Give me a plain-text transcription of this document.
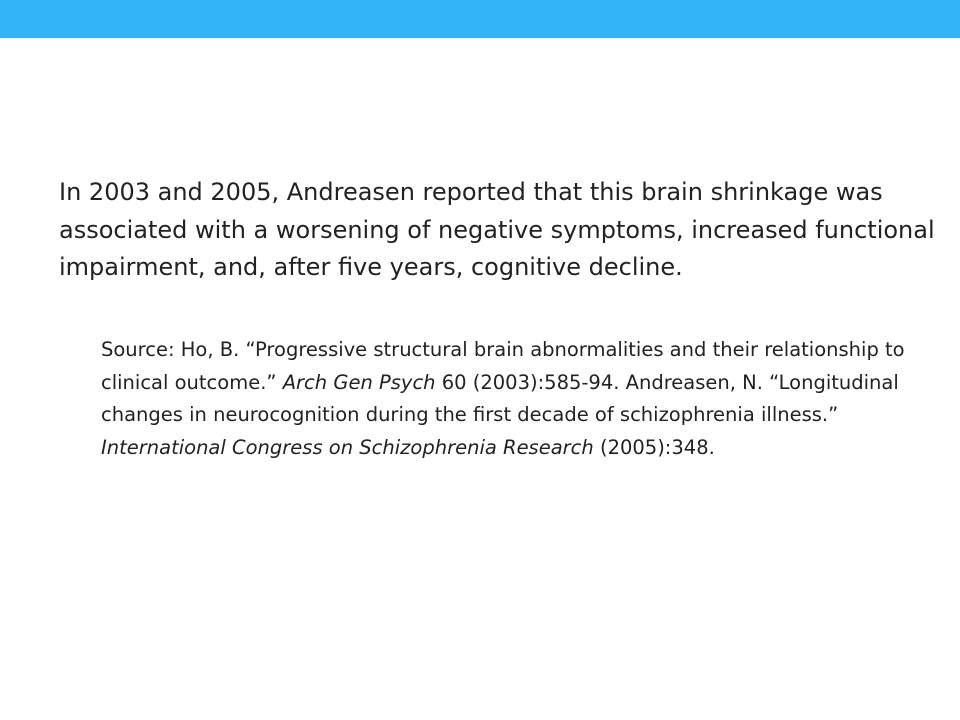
In 2003 and 2005, Andreasen reported that this brain shrinkage was associated with a worsening of negative symptoms, increased functional impairment, and, after five years, cognitive decline.

Source: Ho, B. “Progressive structural brain abnormalities and their relationship to clinical outcome.” Arch Gen Psych 60 (2003):585-94. Andreasen, N. “Longitudinal changes in neurocognition during the first decade of schizophrenia illness.” International Congress on Schizophrenia Research (2005):348.
